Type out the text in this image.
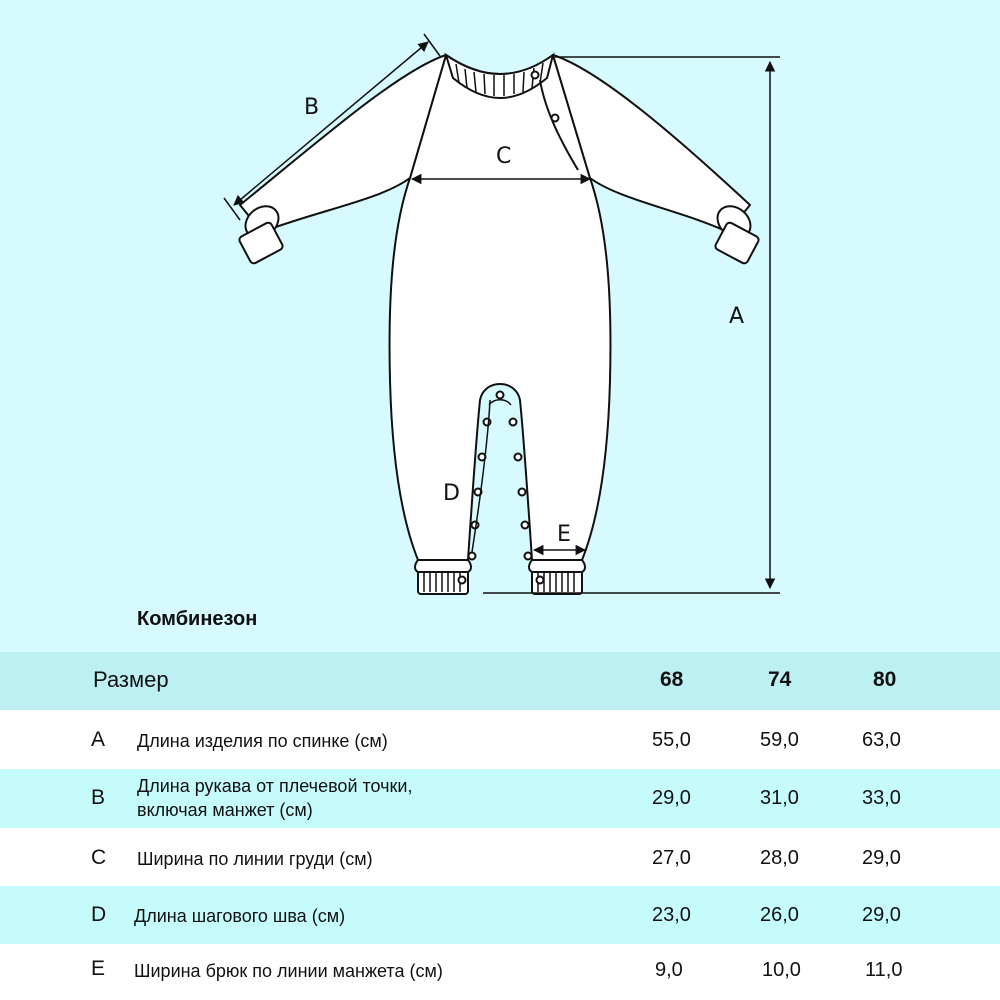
A
B
C
D
E
Комбинезон
Размер	68	74	80
A Длина изделия по спинке (см)	55,0	59,0	63,0
B Длина рукава от плечевой точки,
включая манжет (см)
29,0	31,0	33,0
C Ширина по линии груди (см)	27,0	28,0	29,0
D Длина шагового шва (см)	23,0	26,0	29,0
E Ширина брюк по линии манжета (см)	9,0	10,0	11,0
